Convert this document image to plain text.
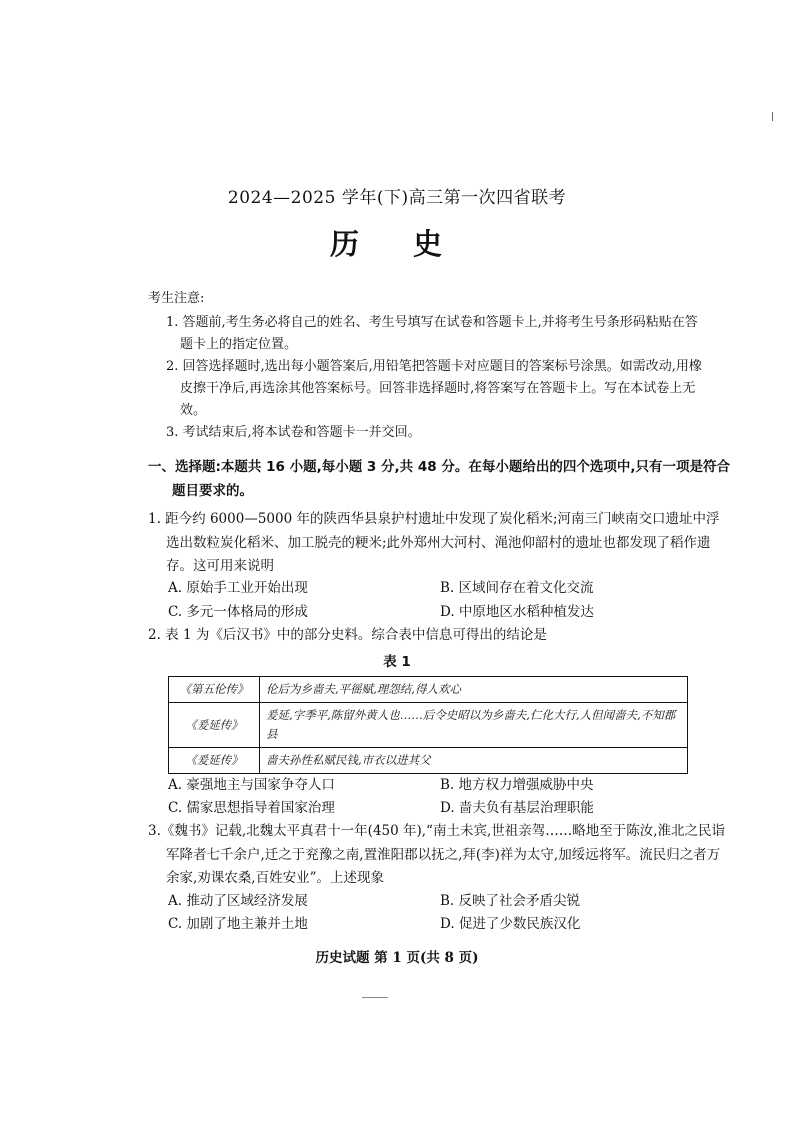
2024—2025 学年(下)高三第一次四省联考
历 史

考生注意:

1. 答题前,考生务必将自己的姓名、考生号填写在试卷和答题卡上,并将考生号条形码粘贴在答题卡上的指定位置。

2. 回答选择题时,选出每小题答案后,用铅笔把答题卡对应题目的答案标号涂黑。如需改动,用橡皮擦干净后,再选涂其他答案标号。回答非选择题时,将答案写在答题卡上。写在本试卷上无效。

3. 考试结束后,将本试卷和答题卡一并交回。

一、选择题:本题共 16 小题,每小题 3 分,共 48 分。在每小题给出的四个选项中,只有一项是符合题目要求的。
1. 距今约 6000—5000 年的陕西华县泉护村遗址中发现了炭化稻米;河南三门峡南交口遗址中浮选出数粒炭化稻米、加工脱壳的粳米;此外郑州大河村、渑池仰韶村的遗址也都发现了稻作遗存。这可用来说明
A. 原始手工业开始出现	B. 区域间存在着文化交流
C. 多元一体格局的形成	D. 中原地区水稻种植发达
2. 表 1 为《后汉书》中的部分史料。综合表中信息可得出的结论是
表 1
《第五伦传》	伦后为乡啬夫,平徭赋,理怨结,得人欢心
《爰延传》	爰延,字季平,陈留外黄人也……后令史昭以为乡啬夫,仁化大行,人但闻啬夫,不知郡县
《爰延传》	啬夫孙性私赋民钱,市衣以进其父
A. 豪强地主与国家争夺人口	B. 地方权力增强威胁中央
C. 儒家思想指导着国家治理	D. 啬夫负有基层治理职能
3.《魏书》记载,北魏太平真君十一年(450 年),“南土未宾,世祖亲驾……略地至于陈汝,淮北之民诣军降者七千余户,迁之于兖豫之南,置淮阳郡以抚之,拜(李)祥为太守,加绥远将军。流民归之者万余家,劝课农桑,百姓安业”。上述现象
A. 推动了区域经济发展	B. 反映了社会矛盾尖锐
C. 加剧了地主兼并土地	D. 促进了少数民族汉化
历史试题 第 1 页(共 8 页)
